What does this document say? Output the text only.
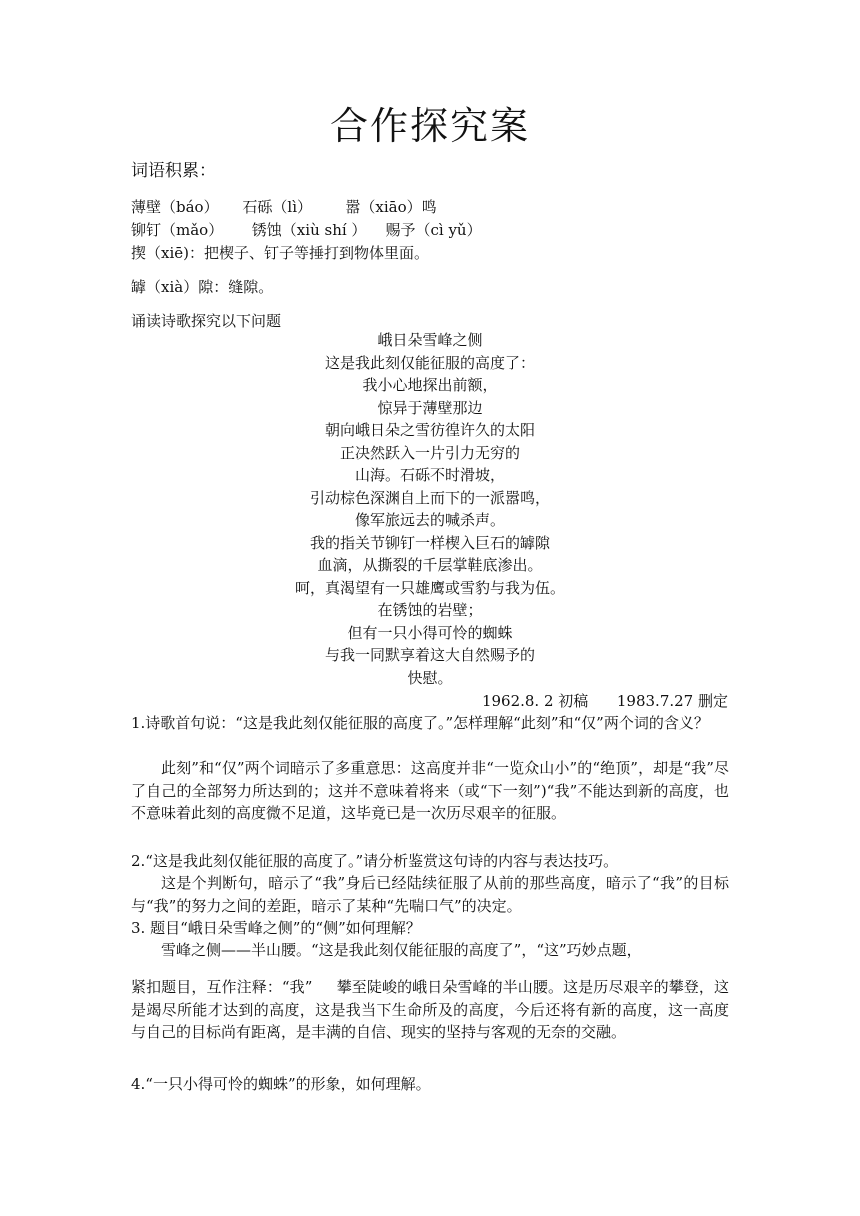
合作探究案
词语积累：
薄壁（báo）     石砾（lì）       嚣（xiāo）鸣
铆钉（mǎo）      锈蚀（xiù shí ）    赐予（cì yǔ）
揳（xiē)：把楔子、钉子等捶打到物体里面。
罅（xià）隙：缝隙。
诵读诗歌探究以下问题
峨日朵雪峰之侧
这是我此刻仅能征服的高度了：
我小心地探出前额，
惊异于薄壁那边
朝向峨日朵之雪彷徨许久的太阳
正决然跃入一片引力无穷的
山海。石砾不时滑坡，
引动棕色深渊自上而下的一派嚣鸣，
像军旅远去的喊杀声。
我的指关节铆钉一样楔入巨石的罅隙
血滴，从撕裂的千层掌鞋底渗出。
呵，真渴望有一只雄鹰或雪豹与我为伍。
在锈蚀的岩壁；
但有一只小得可怜的蜘蛛
与我一同默享着这大自然赐予的
快慰。
1962.8. 2 初稿      1983.7.27 删定
1.诗歌首句说：“这是我此刻仅能征服的高度了。”怎样理解“此刻”和“仅”两个词的含义？
此刻”和“仅”两个词暗示了多重意思：这高度并非“一览众山小”的“绝顶”，却是“我”尽了自己的全部努力所达到的；这并不意味着将来（或“下一刻”)“我”不能达到新的高度，也不意味着此刻的高度微不足道，这毕竟已是一次历尽艰辛的征服。
2.“这是我此刻仅能征服的高度了。”请分析鉴赏这句诗的内容与表达技巧。
这是个判断句，暗示了“我”身后已经陆续征服了从前的那些高度，暗示了“我”的目标与“我”的努力之间的差距，暗示了某种“先喘口气”的决定。
3. 题目“峨日朵雪峰之侧”的“侧”如何理解？
雪峰之侧——半山腰。“这是我此刻仅能征服的高度了”，“这”巧妙点题，
紧扣题目，互作注释：“我”     攀至陡峻的峨日朵雪峰的半山腰。这是历尽艰辛的攀登，这是竭尽所能才达到的高度，这是我当下生命所及的高度，今后还将有新的高度，这一高度与自己的目标尚有距离，是丰满的自信、现实的坚持与客观的无奈的交融。
4.“一只小得可怜的蜘蛛”的形象，如何理解。
